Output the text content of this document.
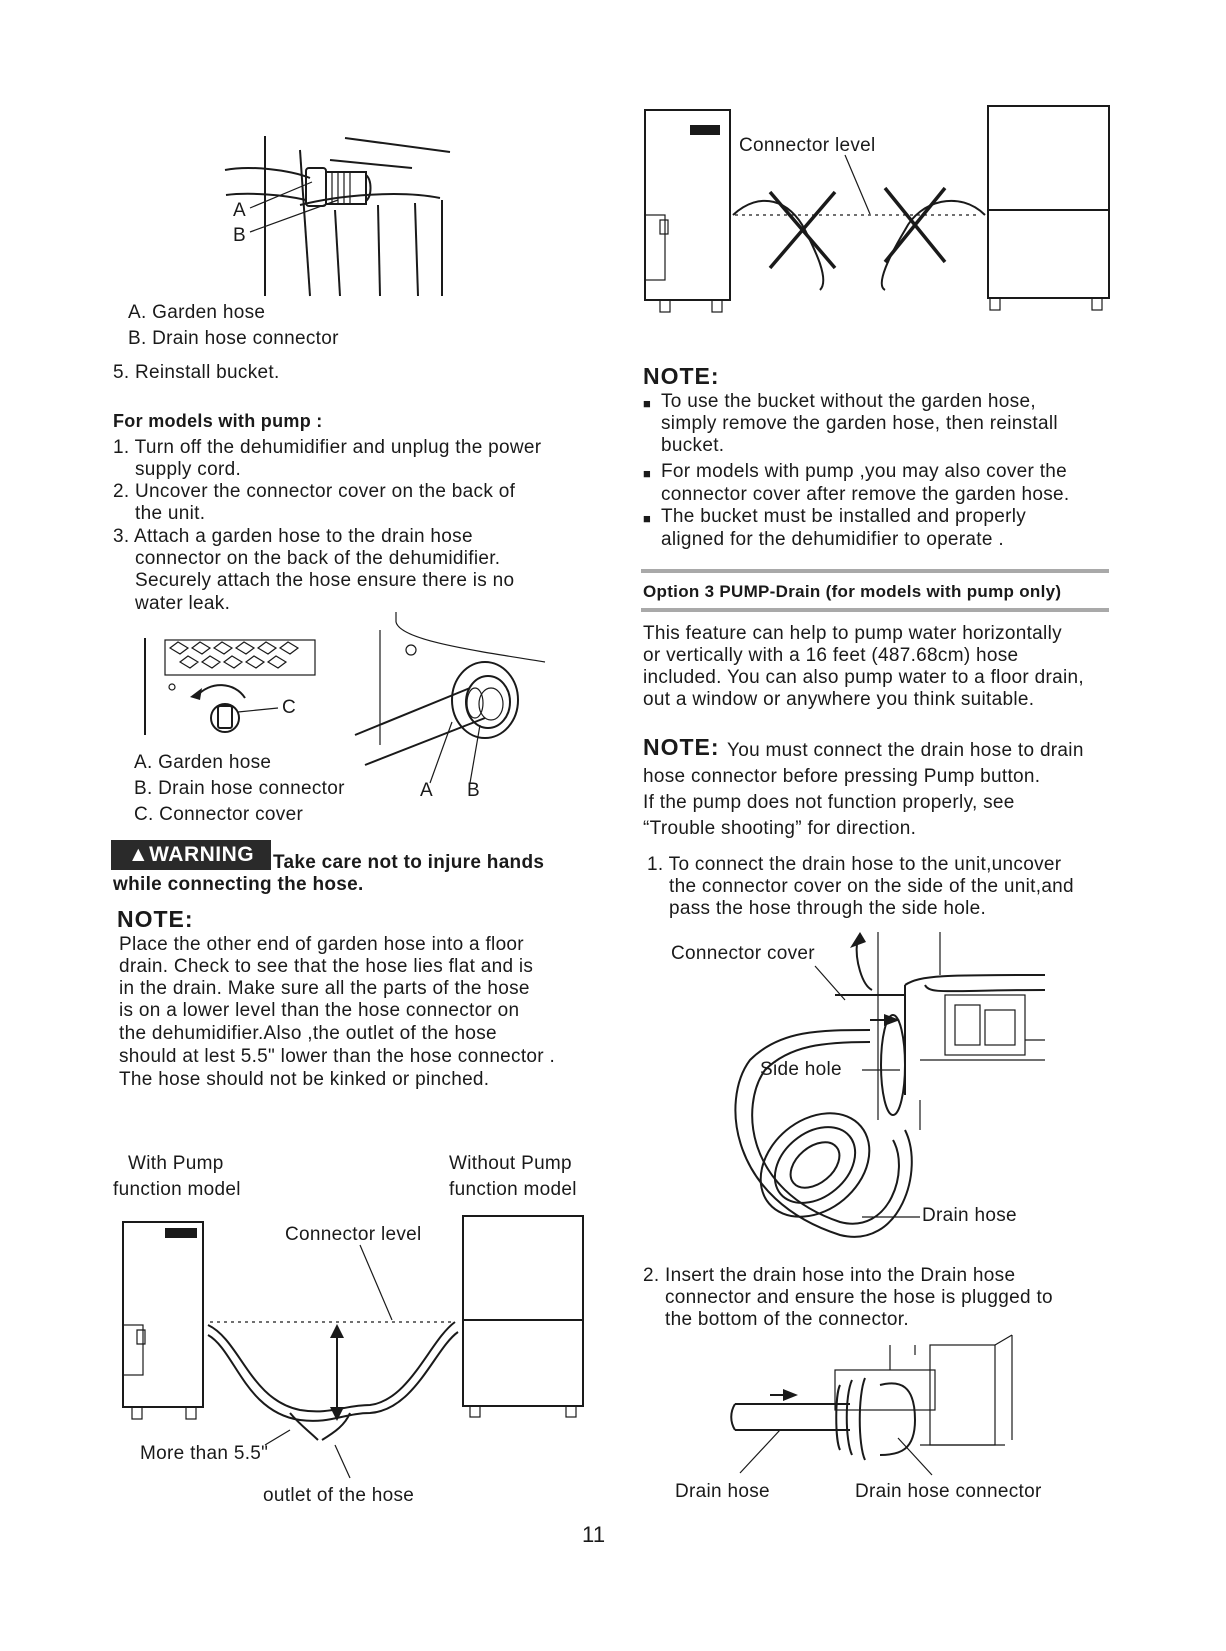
A
B
A. Garden hose
B. Drain hose connector
5. Reinstall bucket.
For models with pump :
1. Turn off the dehumidifier and unplug the power
supply cord.
2. Uncover the connector cover on the back of
the unit.
3. Attach a garden hose to the drain hose
connector on the back of the dehumidifier.
Securely attach the hose ensure there is no
water leak.
C
A B
A. Garden hose
B. Drain hose connector
C. Connector cover
▲WARNING Take care not to injure hands
while connecting the hose.
NOTE:
Place the other end of garden hose into a floor
drain. Check to see that the hose lies flat and is
in the drain. Make sure all the parts of the hose
is on a lower level than the hose connector on
the dehumidifier.Also ,the outlet of the hose
should at lest 5.5" lower than the hose connector .
The hose should not be kinked or pinched.
With Pump
function model
Without Pump
function model
Connector level
More than 5.5"
outlet of the hose
Connector level
NOTE:
■ To use the bucket without the garden hose,
simply remove the garden hose, then reinstall
bucket.
■ For models with pump ,you may also cover the
connector cover after remove the garden hose.
■ The bucket must be installed and properly
aligned for the dehumidifier to operate .
Option 3 PUMP-Drain (for models with pump only)
This feature can help to pump water horizontally
or vertically with a 16 feet (487.68cm) hose
included. You can also pump water to a floor drain,
out a window or anywhere you think suitable.
NOTE: You must connect the drain hose to drain
hose connector before pressing Pump button.
If the pump does not function properly, see
“Trouble shooting” for direction.
1. To connect the drain hose to the unit,uncover
the connector cover on the side of the unit,and
pass the hose through the side hole.
Connector cover
Side hole
Drain hose
2. Insert the drain hose into the Drain hose
connector and ensure the hose is plugged to
the bottom of the connector.
Drain hose	Drain hose connector
11
